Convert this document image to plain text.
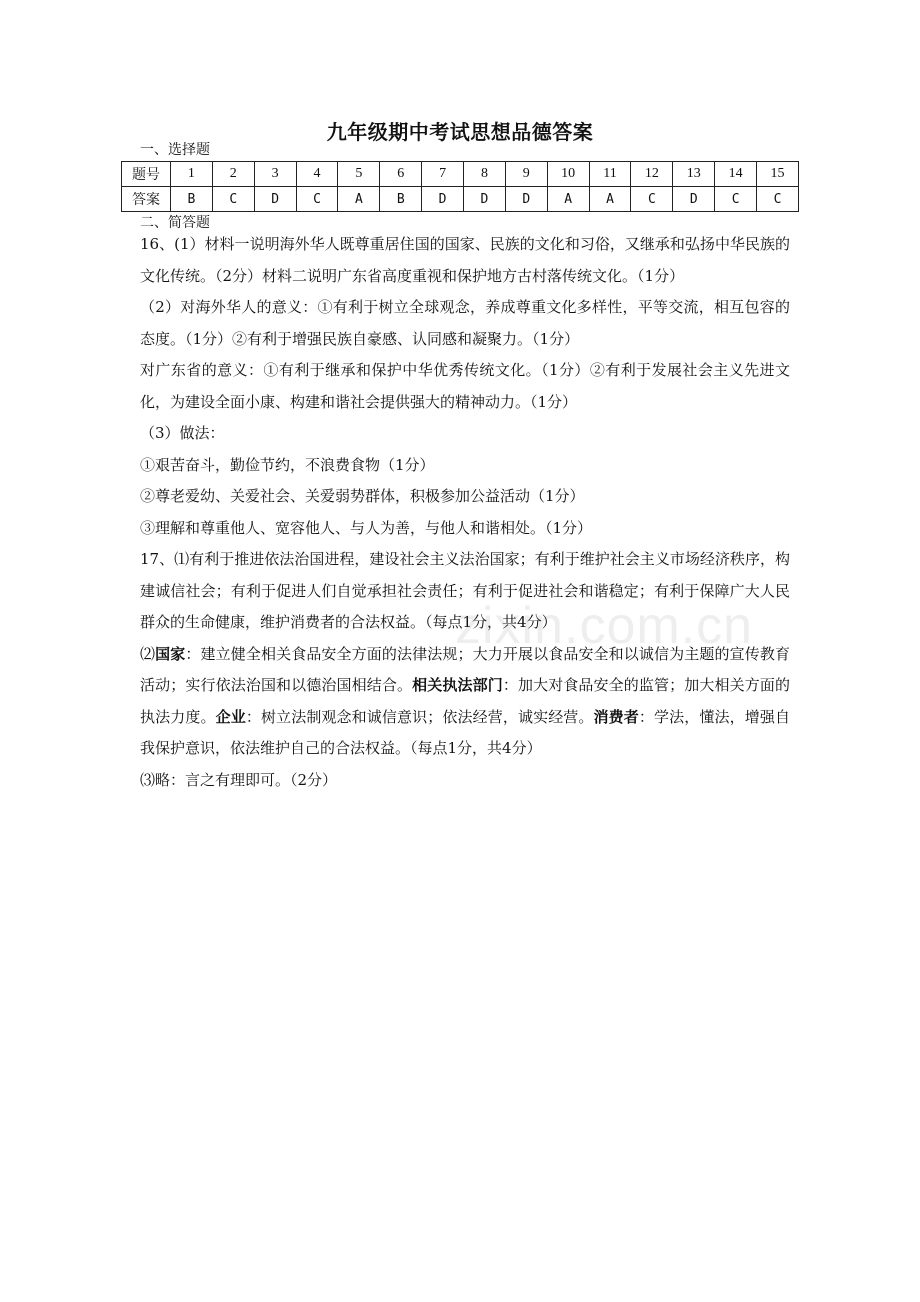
九年级期中考试思想品德答案
一、选择题
题号	1	2	3	4	5	6	7	8	9	10	11	12	13	14	15
答案	B	C	D	C	A	B	D	D	D	A	A	C	D	C	C
二、简答题

16、(1）材料一说明海外华人既尊重居住国的国家、民族的文化和习俗，又继承和弘扬中华民族的文化传统。（2分）材料二说明广东省高度重视和保护地方古村落传统文化。（1分）

（2）对海外华人的意义：①有利于树立全球观念，养成尊重文化多样性，平等交流，相互包容的态度。（1分）②有利于增强民族自豪感、认同感和凝聚力。（1分）

对广东省的意义：①有利于继承和保护中华优秀传统文化。（1分）②有利于发展社会主义先进文化，为建设全面小康、构建和谐社会提供强大的精神动力。（1分）

（3）做法：

①艰苦奋斗，勤俭节约，不浪费食物（1分）

②尊老爱幼、关爱社会、关爱弱势群体，积极参加公益活动（1分）

③理解和尊重他人、宽容他人、与人为善，与他人和谐相处。（1分）

17、⑴有利于推进依法治国进程，建设社会主义法治国家；有利于维护社会主义市场经济秩序，构建诚信社会；有利于促进人们自觉承担社会责任；有利于促进社会和谐稳定；有利于保障广大人民群众的生命健康，维护消费者的合法权益。（每点1分，共4分）

⑵国家：建立健全相关食品安全方面的法律法规；大力开展以食品安全和以诚信为主题的宣传教育活动；实行依法治国和以德治国相结合。相关执法部门：加大对食品安全的监管；加大相关方面的执法力度。企业：树立法制观念和诚信意识；依法经营，诚实经营。消费者：学法，懂法，增强自我保护意识，依法维护自己的合法权益。（每点1分，共4分）

⑶略：言之有理即可。（2分）

zixin.com.cn
